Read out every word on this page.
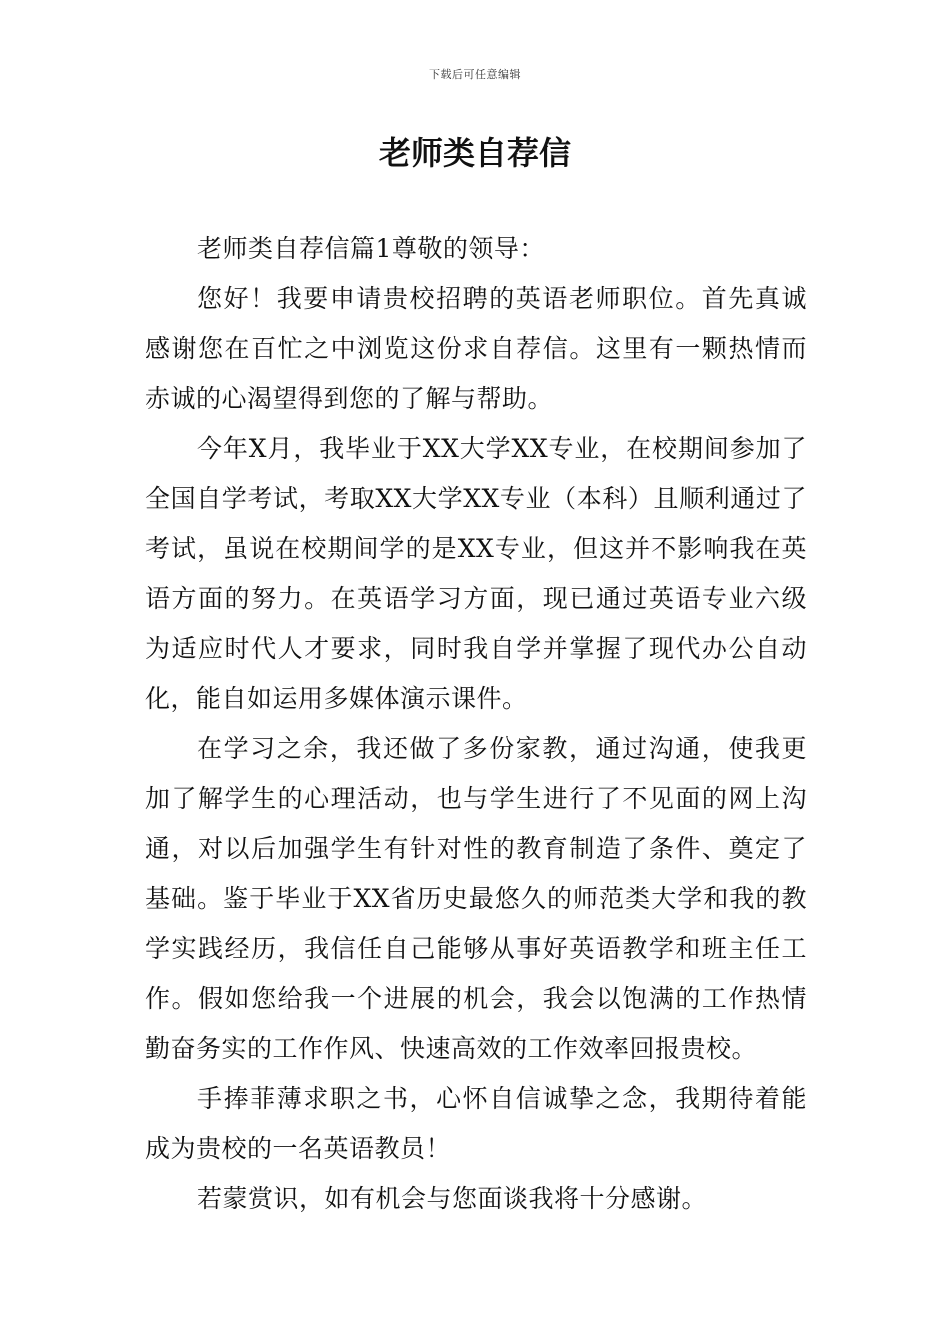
下载后可任意编辑
老师类自荐信

老师类自荐信篇1尊敬的领导：

您好！我要申请贵校招聘的英语老师职位。首先真诚感谢您在百忙之中浏览这份求自荐信。这里有一颗热情而赤诚的心渴望得到您的了解与帮助。

今年X月，我毕业于XX大学XX专业，在校期间参加了全国自学考试，考取XX大学XX专业（本科）且顺利通过了考试，虽说在校期间学的是XX专业，但这并不影响我在英语方面的努力。在英语学习方面，现已通过英语专业六级为适应时代人才要求，同时我自学并掌握了现代办公自动化，能自如运用多媒体演示课件。

在学习之余，我还做了多份家教，通过沟通，使我更加了解学生的心理活动，也与学生进行了不见面的网上沟通，对以后加强学生有针对性的教育制造了条件、奠定了基础。鉴于毕业于XX省历史最悠久的师范类大学和我的教学实践经历，我信任自己能够从事好英语教学和班主任工作。假如您给我一个进展的机会，我会以饱满的工作热情勤奋务实的工作作风、快速高效的工作效率回报贵校。

手捧菲薄求职之书，心怀自信诚挚之念，我期待着能成为贵校的一名英语教员！

若蒙赏识，如有机会与您面谈我将十分感谢。
